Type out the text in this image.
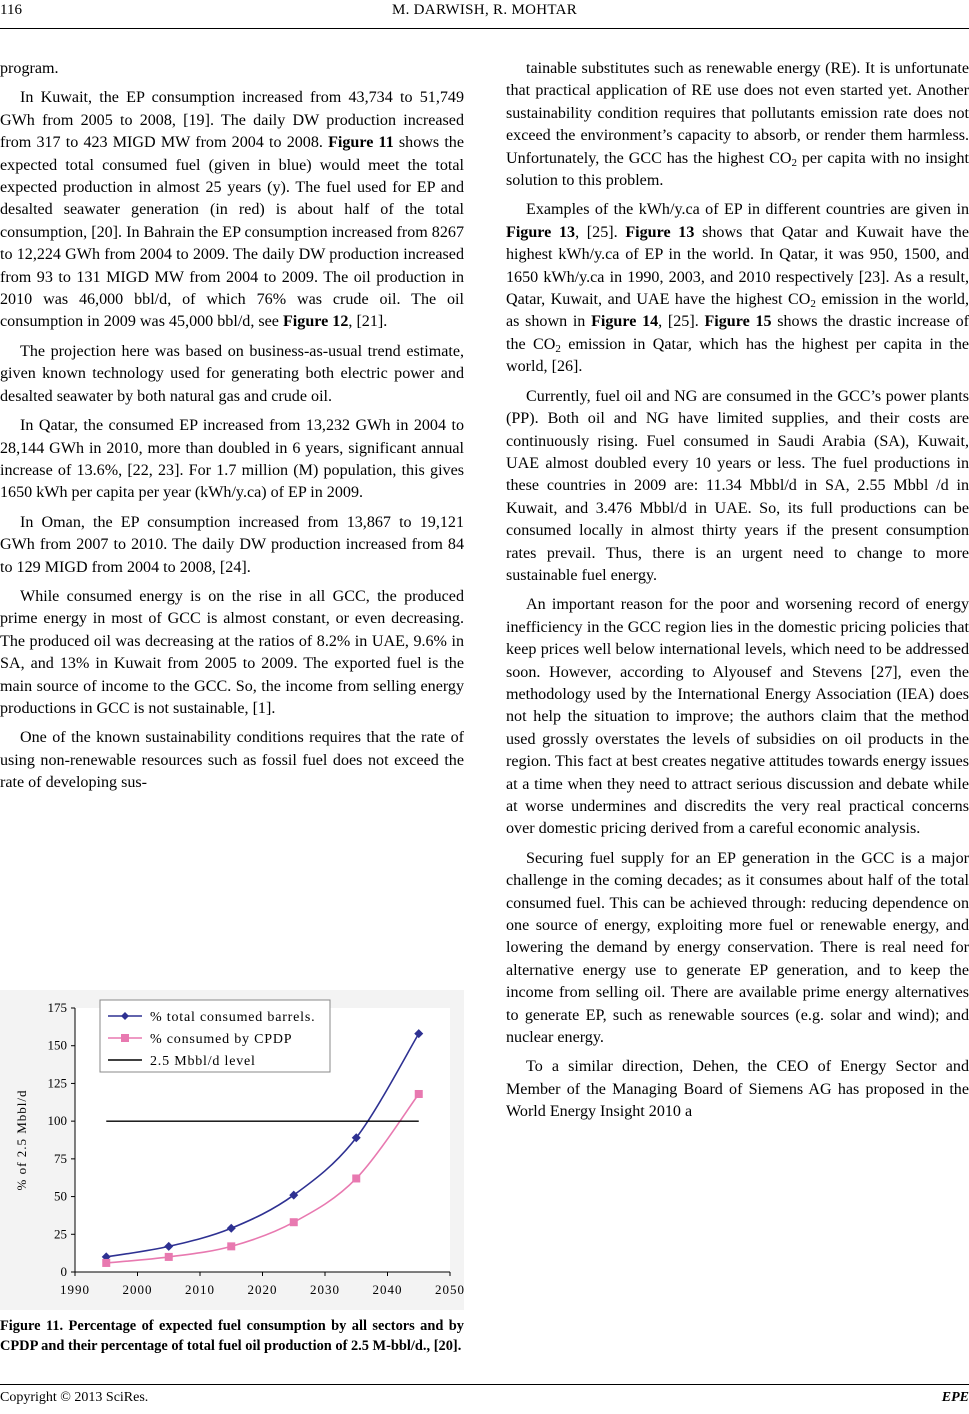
116	M. DARWISH, R. MOHTAR

program.

In Kuwait, the EP consumption increased from 43,734 to 51,749 GWh from 2005 to 2008, [19]. The daily DW production increased from 317 to 423 MIGD MW from 2004 to 2008. Figure 11 shows the expected total consumed fuel (given in blue) would meet the total expected production in almost 25 years (y). The fuel used for EP and desalted seawater generation (in red) is about half of the total consumption, [20]. In Bahrain the EP consumption increased from 8267 to 12,224 GWh from 2004 to 2009. The daily DW production increased from 93 to 131 MIGD MW from 2004 to 2009. The oil production in 2010 was 46,000 bbl/d, of which 76% was crude oil. The oil consumption in 2009 was 45,000 bbl/d, see Figure 12, [21].

The projection here was based on business-as-usual trend estimate, given known technology used for generating both electric power and desalted seawater by both natural gas and crude oil.

In Qatar, the consumed EP increased from 13,232 GWh in 2004 to 28,144 GWh in 2010, more than doubled in 6 years, significant annual increase of 13.6%, [22, 23]. For 1.7 million (M) population, this gives 1650 kWh per capita per year (kWh/y.ca) of EP in 2009.

In Oman, the EP consumption increased from 13,867 to 19,121 GWh from 2007 to 2010. The daily DW production increased from 84 to 129 MIGD from 2004 to 2008, [24].

While consumed energy is on the rise in all GCC, the produced prime energy in most of GCC is almost constant, or even decreasing. The produced oil was decreasing at the ratios of 8.2% in UAE, 9.6% in SA, and 13% in Kuwait from 2005 to 2009. The exported fuel is the main source of income to the GCC. So, the income from selling energy productions in GCC is not sustainable, [1].

One of the known sustainability conditions requires that the rate of using non-renewable resources such as fossil fuel does not exceed the rate of developing sus-

tainable substitutes such as renewable energy (RE). It is unfortunate that practical application of RE use does not even started yet. Another sustainability condition requires that pollutants emission rate does not exceed the environment’s capacity to absorb, or render them harmless. Unfortunately, the GCC has the highest $CO_2$ per capita with no insight solution to this problem.

Examples of the kWh/y.ca of EP in different countries are given in Figure 13, [25]. Figure 13 shows that Qatar and Kuwait have the highest kWh/y.ca of EP in the world. In Qatar, it was 950, 1500, and 1650 kWh/y.ca in 1990, 2003, and 2010 respectively [23]. As a result, Qatar, Kuwait, and UAE have the highest $CO_2$ emission in the world, as shown in Figure 14, [25]. Figure 15 shows the drastic increase of the $CO_2$ emission in Qatar, which has the highest per capita in the world, [26].

Currently, fuel oil and NG are consumed in the GCC’s power plants (PP). Both oil and NG have limited supplies, and their costs are continuously rising. Fuel consumed in Saudi Arabia (SA), Kuwait, UAE almost doubled every 10 years or less. The fuel productions in these countries in 2009 are: 11.34 Mbbl/d in SA, 2.55 Mbbl /d in Kuwait, and 3.476 Mbbl/d in UAE. So, its full productions can be consumed locally in almost thirty years if the present consumption rates prevail. Thus, there is an urgent need to change to more sustainable fuel energy.

An important reason for the poor and worsening record of energy inefficiency in the GCC region lies in the domestic pricing policies that keep prices well below international levels, which need to be addressed soon. However, according to Alyousef and Stevens [27], even the methodology used by the International Energy Association (IEA) does not help the situation to improve; the authors claim that the method used grossly overstates the levels of subsidies on oil products in the region. This fact at best creates negative attitudes towards energy issues at a time when they need to attract serious discussion and debate while at worse undermines and discredits the very real practical concerns over domestic pricing derived from a careful economic analysis.

Securing fuel supply for an EP generation in the GCC is a major challenge in the coming decades; as it consumes about half of the total consumed fuel. This can be achieved through: reducing dependence on one source of energy, exploiting more fuel or renewable energy, and lowering the demand by energy conservation. There is real need for alternative energy use to generate EP generation, and to keep the income from selling oil. There are available prime energy alternatives to generate EP, such as renewable sources (e.g. solar and wind); and nuclear energy.

To a similar direction, Dehen, the CEO of Energy Sector and Member of the Managing Board of Siemens AG has proposed in the World Energy Insight 2010 a

0
25
50
75
100
125
150
175
1990	2000	2010	2020	2030	2040	2050
% of 2.5 Mbbl/d
% total consumed barrels.
% consumed by CPDP
2.5 Mbbl/d level
Figure 11. Percentage of expected fuel consumption by all sectors and by CPDP and their percentage of total fuel oil production of 2.5 M-bbl/d., [20].
Copyright © 2013 SciRes.	EPE
